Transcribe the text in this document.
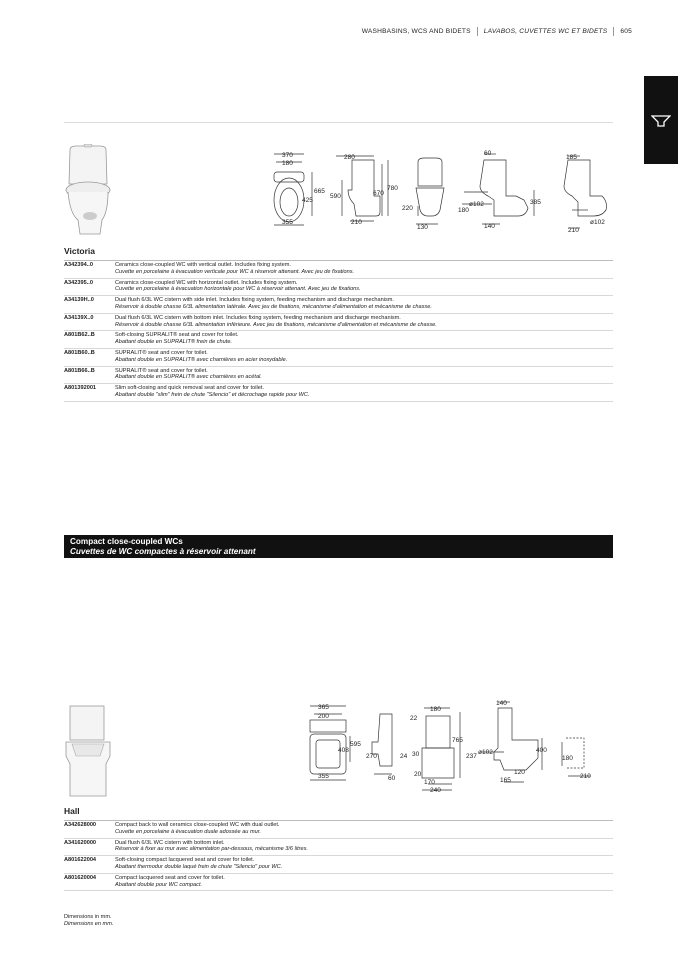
WASHBASINS, WCS AND BIDETS LAVABOS, CUVETTES WC ET BIDETS 605
370
180
665
425
355
280
590	670
780
210
220
130
60
ø102
180
385
140
185
210
ø102
Victoria
A342394..0	Ceramics close-coupled WC with vertical outlet. Includes fixing system.
Cuvette en porcelaine à évacuation verticale pour WC à réservoir attenant. Avec jeu de fixations.

A342395..0	Ceramics close-coupled WC with horizontal outlet. Includes fixing system.
Cuvette en porcelaine à évacuation horizontale pour WC à réservoir attenant. Avec jeu de fixations.

A34139H..0	Dual flush 6/3L WC cistern with side inlet. Includes fixing system, feeding mechanism and discharge mechanism.
Réservoir à double chasse 6/3L alimentation latérale. Avec jeu de fixations, mécanisme d'alimentation et mécanisme de chasse.

A34139X..0	Dual flush 6/3L WC cistern with bottom inlet. Includes fixing system, feeding mechanism and discharge mechanism.
Réservoir à double chasse 6/3L alimentation inférieure. Avec jeu de fixations, mécanisme d'alimentation et mécanisme de chasse.

A801B62..B	Soft-closing SUPRALIT® seat and cover for toilet.
Abattant double en SUPRALIT® frein de chute.

A801B60..B	SUPRALIT® seat and cover for toilet.
Abattant double en SUPRALIT® avec charnières en acier inoxydable.

A801B66..B	SUPRALIT® seat and cover for toilet.
Abattant double en SUPRALIT® avec charnières en acétal.

A801392001	Slim soft-closing and quick removal seat and cover for toilet.
Abattant double "slim" frein de chute "Silencio" et décrochage rapide pour WC.
Compact close-coupled WCs
Cuvettes de WC compactes à réservoir attenant
365
200
408
595
355
180
22
270	24 30
60
765
20
170
240
140
237
ø102	400
120
165
180
210
Hall
A342628000	Compact back to wall ceramics close-coupled WC with dual outlet.
Cuvette en porcelaine à évacuation duale adossée au mur.

A341620000	Dual flush 6/3L WC cistern with bottom inlet.
Réservoir à fixer au mur avec alimentation par-dessous, mécanisme 3/6 litres.

A801622004	Soft-closing compact lacquered seat and cover for toilet.
Abattant thermodur double laqué frein de chute "Silencio" pour WC.

A801620004	Compact lacquered seat and cover for toilet.
Abattant double pour WC compact.
Dimensions in mm.
Dimensions en mm.
